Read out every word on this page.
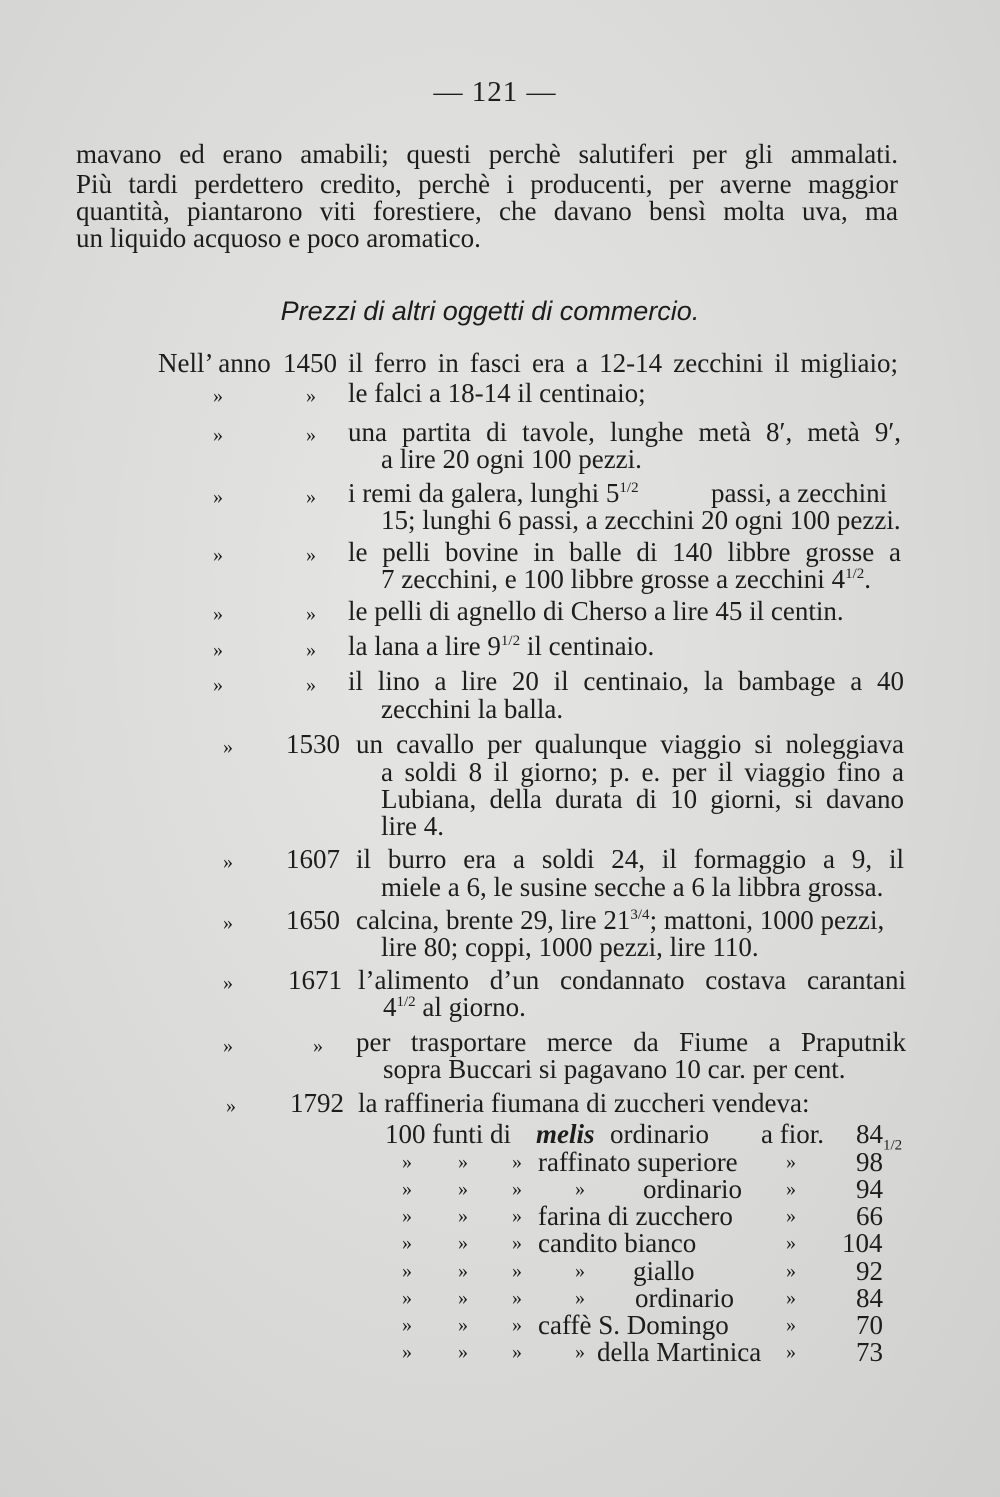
— 121 —
mavano ed erano amabili; questi perchè salutiferi per gli ammalati.
Più tardi perdettero credito, perchè i producenti, per averne maggior
quantità, piantarono viti forestiere, che davano bensì molta uva, ma
un liquido acquoso e poco aromatico.
Prezzi di altri oggetti di commercio.
Nell’ anno 1450 il ferro in fasci era a 12-14 zecchini il migliaio;
»	» le falci a 18-14 il centinaio;
»	» una partita di tavole, lunghe metà 8′, metà 9′,
a lire 20 ogni 100 pezzi.
»	» i remi da galera, lunghi $5^{1/2}$	passi, a zecchini
15; lunghi 6 passi, a zecchini 20 ogni 100 pezzi.
»	» le pelli bovine in balle di 140 libbre grosse a
7 zecchini, e 100 libbre grosse a zecchini $4^{1/2}$.
»	» le pelli di agnello di Cherso a lire 45 il centin.
»	» la lana a lire $9^{1/2}$ il centinaio.
»	» il lino a lire 20 il centinaio, la bambage a 40
zecchini la balla.
» 1530 un cavallo per qualunque viaggio si noleggiava
a soldi 8 il giorno; p. e. per il viaggio fino a
Lubiana, della durata di 10 giorni, si davano
lire 4.
» 1607 il burro era a soldi 24, il formaggio a 9, il
miele a 6, le susine secche a 6 la libbra grossa.
» 1650 calcina, brente 29, lire $21^{3/4}$; mattoni, 1000 pezzi,
lire 80; coppi, 1000 pezzi, lire 110.
» 1671 l’alimento d’un condannato costava carantani
$4^{1/2}$ al giorno.
»	» per trasportare merce da Fiume a Praputnik
sopra Buccari si pagavano 10 car. per cent.
» 1792 la raffineria fiumana di zuccheri vendeva:
100 funti di melis ordinario a fior. $84_{1/2}$
» » » raffinato superiore » 98
» » »	» ordinario » 94
» » » farina di zucchero	» 66
» » » candito bianco	» 104
» » »	» giallo	» 92
» » »	» ordinario	» 84
» » » caffè S. Domingo	» 70
» » »	» della Martinica » 73
